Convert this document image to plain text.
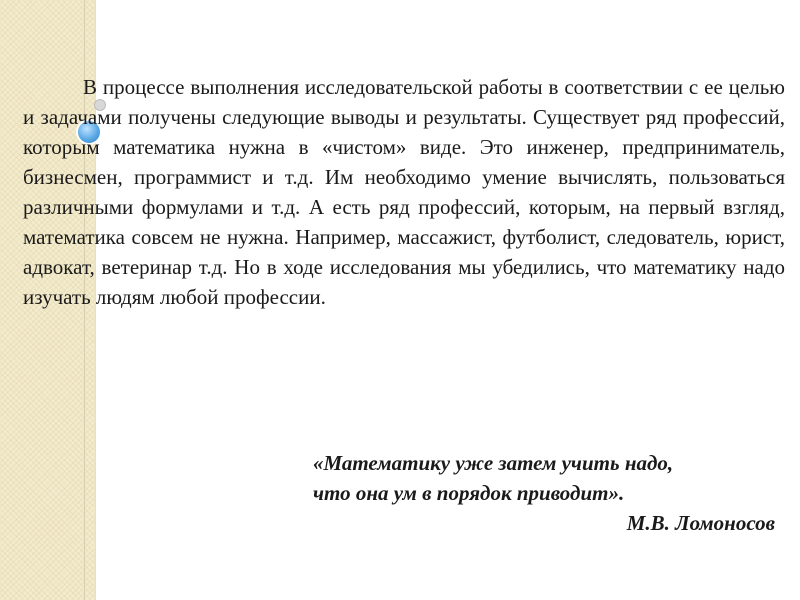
В процессе выполнения исследовательской работы в соответствии с ее целью и задачами получены следующие выводы и результаты. Существует ряд профессий, которым математика нужна в «чистом» виде. Это инженер, предприниматель, бизнесмен, программист и т.д. Им необходимо умение вычислять, пользоваться различными формулами и т.д. А есть ряд профессий, которым, на первый взгляд, математика совсем не нужна. Например, массажист, футболист, следователь, юрист, адвокат, ветеринар т.д. Но в ходе исследования мы убедились, что математику надо изучать людям любой профессии.

«Математику уже затем учить надо,
что она ум в порядок приводит».
М.В. Ломоносов
